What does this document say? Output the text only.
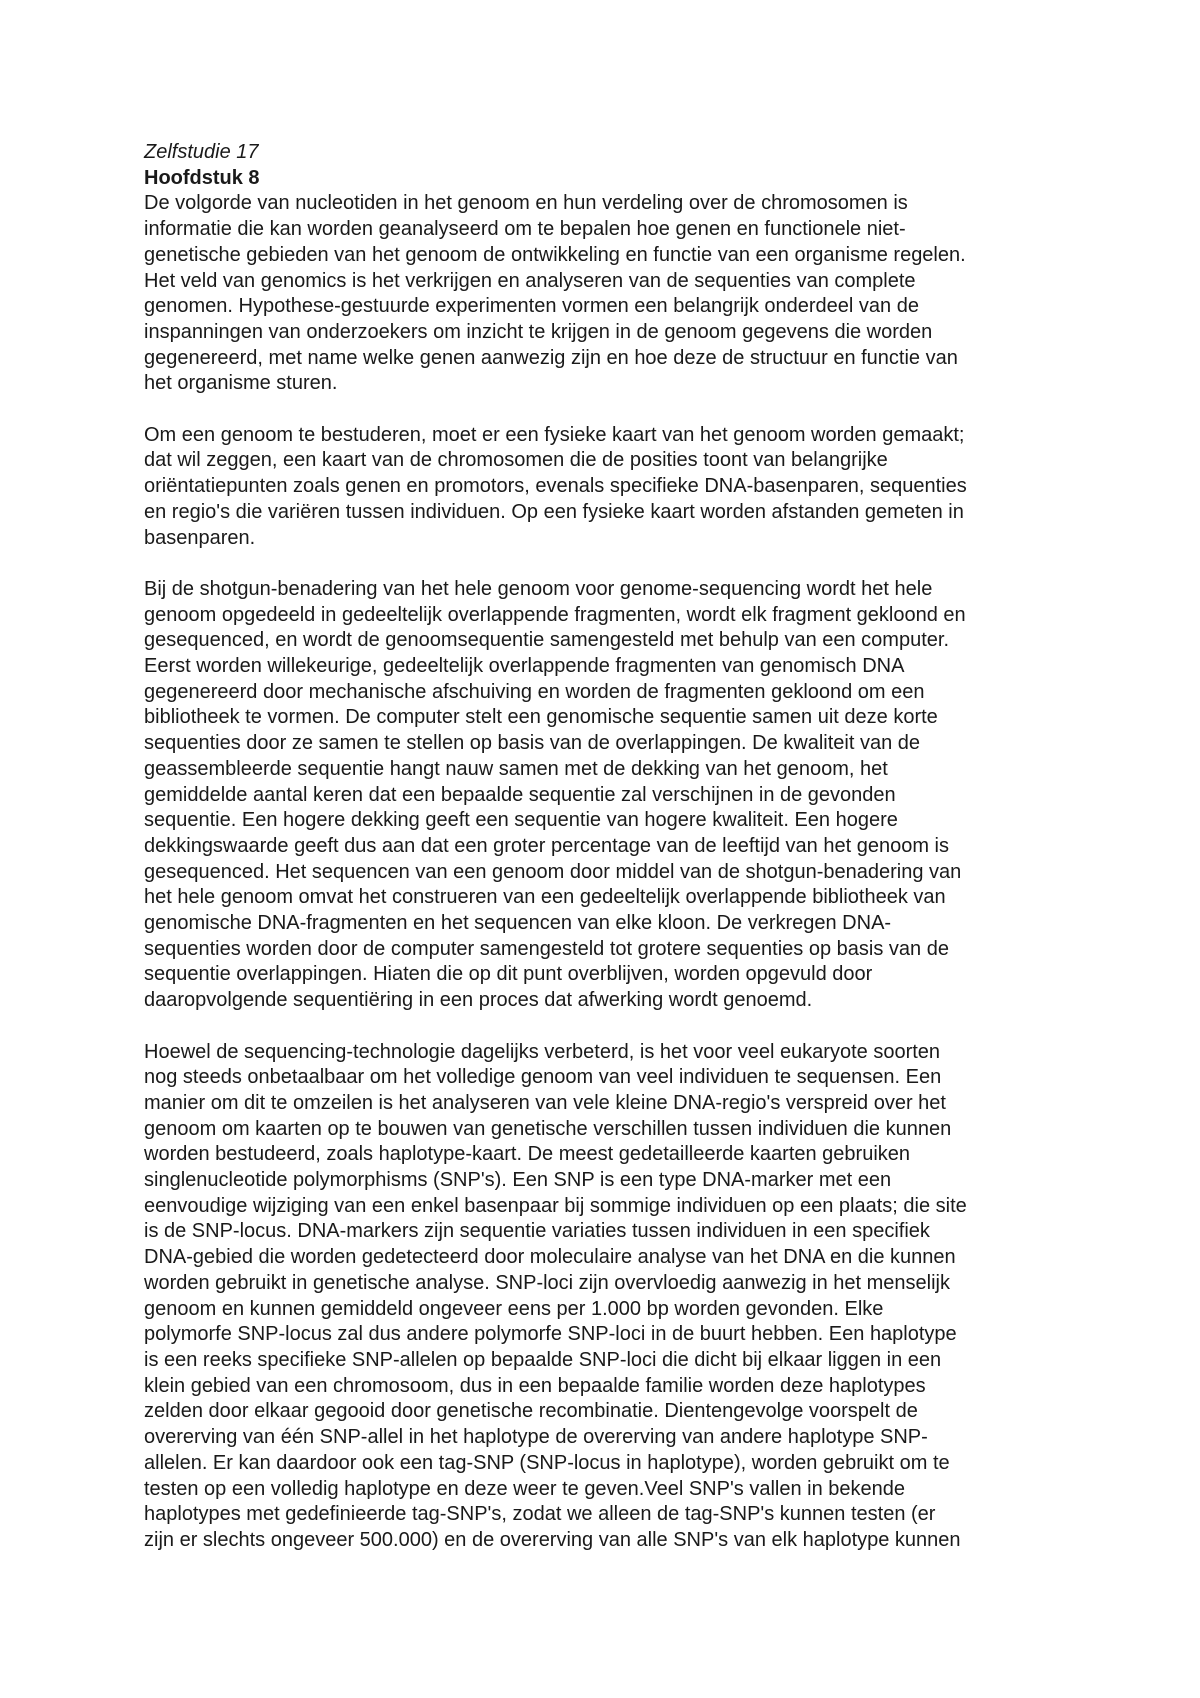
Zelfstudie 17

Hoofdstuk 8

De volgorde van nucleotiden in het genoom en hun verdeling over de chromosomen is
informatie die kan worden geanalyseerd om te bepalen hoe genen en functionele niet-
genetische gebieden van het genoom de ontwikkeling en functie van een organisme regelen.
Het veld van genomics is het verkrijgen en analyseren van de sequenties van complete
genomen. Hypothese-gestuurde experimenten vormen een belangrijk onderdeel van de
inspanningen van onderzoekers om inzicht te krijgen in de genoom gegevens die worden
gegenereerd, met name welke genen aanwezig zijn en hoe deze de structuur en functie van
het organisme sturen.

Om een genoom te bestuderen, moet er een fysieke kaart van het genoom worden gemaakt;
dat wil zeggen, een kaart van de chromosomen die de posities toont van belangrijke
oriëntatiepunten zoals genen en promotors, evenals specifieke DNA-basenparen, sequenties
en regio's die variëren tussen individuen. Op een fysieke kaart worden afstanden gemeten in
basenparen.

Bij de shotgun-benadering van het hele genoom voor genome-sequencing wordt het hele
genoom opgedeeld in gedeeltelijk overlappende fragmenten, wordt elk fragment gekloond en
gesequenced, en wordt de genoomsequentie samengesteld met behulp van een computer.
Eerst worden willekeurige, gedeeltelijk overlappende fragmenten van genomisch DNA
gegenereerd door mechanische afschuiving en worden de fragmenten gekloond om een
bibliotheek te vormen. De computer stelt een genomische sequentie samen uit deze korte
sequenties door ze samen te stellen op basis van de overlappingen. De kwaliteit van de
geassembleerde sequentie hangt nauw samen met de dekking van het genoom, het
gemiddelde aantal keren dat een bepaalde sequentie zal verschijnen in de gevonden
sequentie. Een hogere dekking geeft een sequentie van hogere kwaliteit. Een hogere
dekkingswaarde geeft dus aan dat een groter percentage van de leeftijd van het genoom is
gesequenced. Het sequencen van een genoom door middel van de shotgun-benadering van
het hele genoom omvat het construeren van een gedeeltelijk overlappende bibliotheek van
genomische DNA-fragmenten en het sequencen van elke kloon. De verkregen DNA-
sequenties worden door de computer samengesteld tot grotere sequenties op basis van de
sequentie overlappingen. Hiaten die op dit punt overblijven, worden opgevuld door
daaropvolgende sequentiëring in een proces dat afwerking wordt genoemd.

Hoewel de sequencing-technologie dagelijks verbeterd, is het voor veel eukaryote soorten
nog steeds onbetaalbaar om het volledige genoom van veel individuen te sequensen. Een
manier om dit te omzeilen is het analyseren van vele kleine DNA-regio's verspreid over het
genoom om kaarten op te bouwen van genetische verschillen tussen individuen die kunnen
worden bestudeerd, zoals haplotype-kaart. De meest gedetailleerde kaarten gebruiken
singlenucleotide polymorphisms (SNP's). Een SNP is een type DNA-marker met een
eenvoudige wijziging van een enkel basenpaar bij sommige individuen op een plaats; die site
is de SNP-locus. DNA-markers zijn sequentie variaties tussen individuen in een specifiek
DNA-gebied die worden gedetecteerd door moleculaire analyse van het DNA en die kunnen
worden gebruikt in genetische analyse. SNP-loci zijn overvloedig aanwezig in het menselijk
genoom en kunnen gemiddeld ongeveer eens per 1.000 bp worden gevonden. Elke
polymorfe SNP-locus zal dus andere polymorfe SNP-loci in de buurt hebben. Een haplotype
is een reeks specifieke SNP-allelen op bepaalde SNP-loci die dicht bij elkaar liggen in een
klein gebied van een chromosoom, dus in een bepaalde familie worden deze haplotypes
zelden door elkaar gegooid door genetische recombinatie. Dientengevolge voorspelt de
overerving van één SNP-allel in het haplotype de overerving van andere haplotype SNP-
allelen. Er kan daardoor ook een tag-SNP (SNP-locus in haplotype), worden gebruikt om te
testen op een volledig haplotype en deze weer te geven.Veel SNP's vallen in bekende
haplotypes met gedefinieerde tag-SNP's, zodat we alleen de tag-SNP's kunnen testen (er
zijn er slechts ongeveer 500.000) en de overerving van alle SNP's van elk haplotype kunnen
